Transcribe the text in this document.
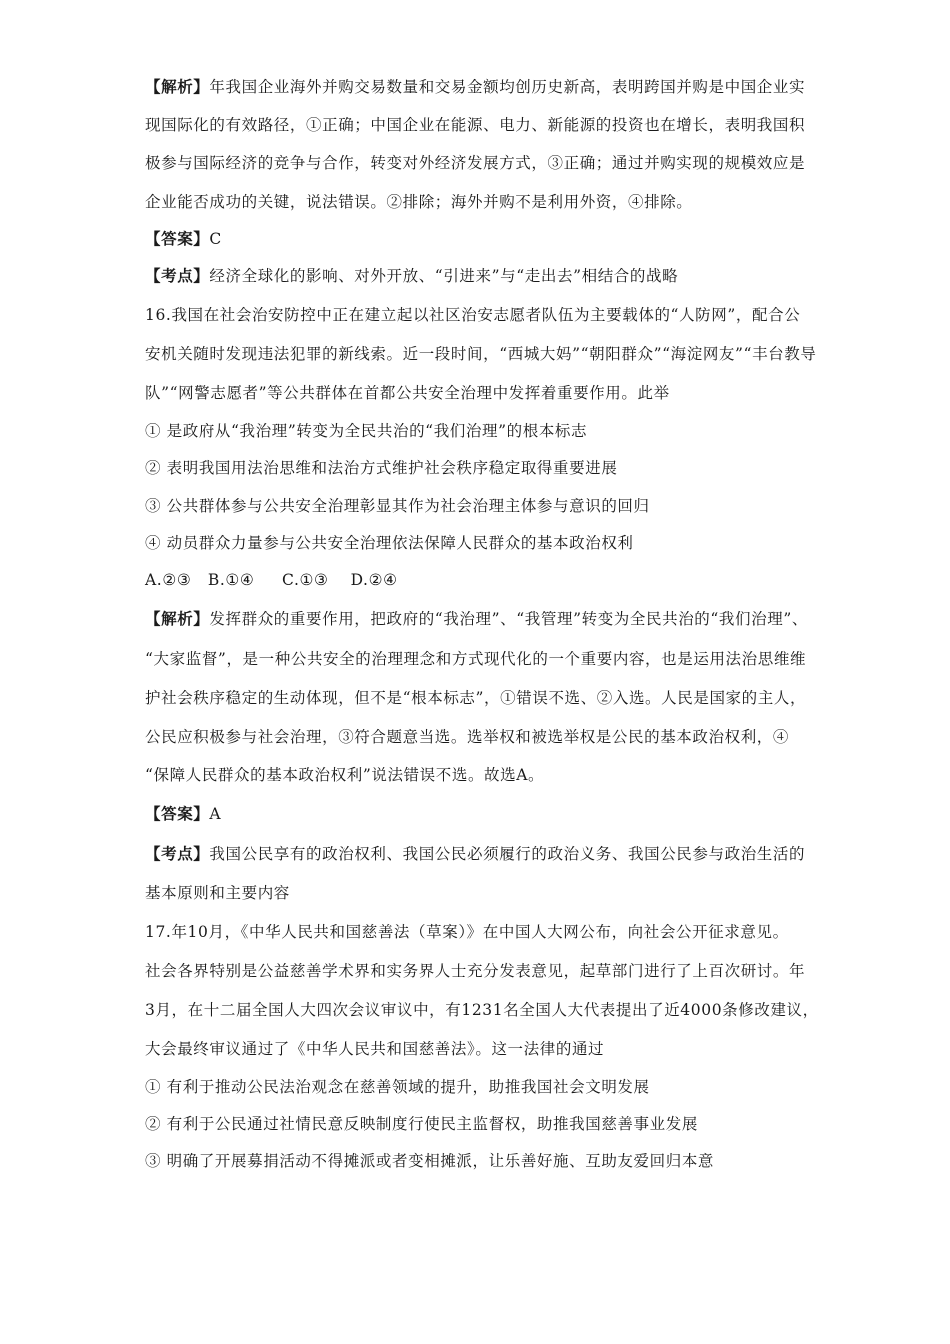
【解析】年我国企业海外并购交易数量和交易金额均创历史新高，表明跨国并购是中国企业实
现国际化的有效路径，①正确；中国企业在能源、电力、新能源的投资也在增长，表明我国积
极参与国际经济的竞争与合作，转变对外经济发展方式，③正确；通过并购实现的规模效应是
企业能否成功的关键，说法错误。②排除；海外并购不是利用外资，④排除。
【答案】C
【考点】经济全球化的影响、对外开放、“引进来”与“走出去”相结合的战略
16.我国在社会治安防控中正在建立起以社区治安志愿者队伍为主要载体的“人防网”，配合公
安机关随时发现违法犯罪的新线索。近一段时间，“西城大妈”“朝阳群众”“海淀网友”“丰台教导
队”“网警志愿者”等公共群体在首都公共安全治理中发挥着重要作用。此举
① 是政府从“我治理”转变为全民共治的“我们治理”的根本标志
② 表明我国用法治思维和法治方式维护社会秩序稳定取得重要进展
③ 公共群体参与公共安全治理彰显其作为社会治理主体参与意识的回归
④ 动员群众力量参与公共安全治理依法保障人民群众的基本政治权利
A.②③   B.①④     C.①③    D.②④
【解析】发挥群众的重要作用，把政府的“我治理”、“我管理”转变为全民共治的“我们治理”、
“大家监督”，是一种公共安全的治理理念和方式现代化的一个重要内容，也是运用法治思维维
护社会秩序稳定的生动体现，但不是“根本标志”，①错误不选、②入选。人民是国家的主人，
公民应积极参与社会治理，③符合题意当选。选举权和被选举权是公民的基本政治权利，④
“保障人民群众的基本政治权利”说法错误不选。故选A。
【答案】A
【考点】我国公民享有的政治权利、我国公民必须履行的政治义务、我国公民参与政治生活的
基本原则和主要内容
17.年10月，《中华人民共和国慈善法（草案）》在中国人大网公布，向社会公开征求意见。
社会各界特别是公益慈善学术界和实务界人士充分发表意见，起草部门进行了上百次研讨。年
3月，在十二届全国人大四次会议审议中，有1231名全国人大代表提出了近4000条修改建议，
大会最终审议通过了《中华人民共和国慈善法》。这一法律的通过
① 有利于推动公民法治观念在慈善领域的提升，助推我国社会文明发展
② 有利于公民通过社情民意反映制度行使民主监督权，助推我国慈善事业发展
③ 明确了开展募捐活动不得摊派或者变相摊派，让乐善好施、互助友爱回归本意
